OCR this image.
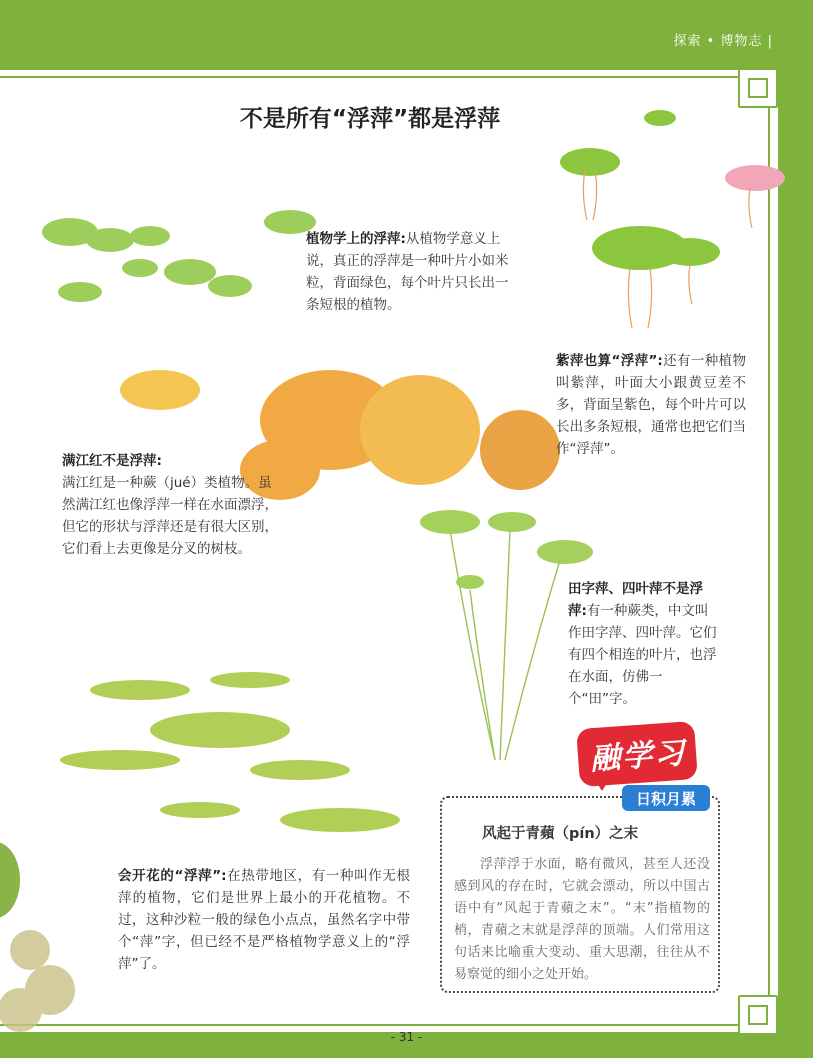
探索 • 博物志 |
不是所有“浮萍”都是浮萍
植物学上的浮萍:从植物学意义上说，真正的浮萍是一种叶片小如米粒，背面绿色，每个叶片只长出一条短根的植物。
紫萍也算“浮萍”:还有一种植物叫紫萍，叶面大小跟黄豆差不多，背面呈紫色，每个叶片可以长出多条短根，通常也把它们当作“浮萍”。
满江红不是浮萍:
满江红是一种蕨（jué）类植物。虽然满江红也像浮萍一样在水面漂浮，但它的形状与浮萍还是有很大区别，它们看上去更像是分叉的树枝。
田字萍、四叶萍不是浮萍:有一种蕨类，中文叫作田字萍、四叶萍。它们有四个相连的叶片，也浮在水面，仿佛一个“田”字。
会开花的“浮萍”:在热带地区，有一种叫作无根萍的植物，它们是世界上最小的开花植物。不过，这种沙粒一般的绿色小点点，虽然名字中带个“萍”字，但已经不是严格植物学意义上的“浮萍”了。
风起于青蘋（pín）之末
浮萍浮于水面，略有微风，甚至人还没感到风的存在时，它就会漂动，所以中国古语中有“风起于青蘋之末”。“末”指植物的梢，青蘋之末就是浮萍的顶端。人们常用这句话来比喻重大变动、重大思潮，往往从不易察觉的细小之处开始。
融学习
日积月累
- 31 -
